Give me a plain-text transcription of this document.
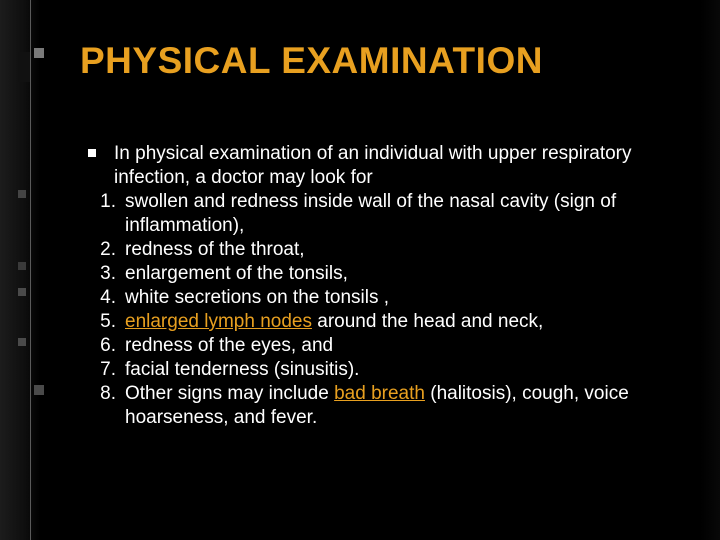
PHYSICAL EXAMINATION
In physical examination of an individual with upper respiratory infection, a doctor may look for
1. swollen and redness inside wall of the nasal cavity (sign of inflammation),
2. redness of the throat,
3. enlargement of the tonsils,
4. white secretions on the tonsils ,
5. enlarged lymph nodes around the head and neck,
6. redness of the eyes, and
7. facial tenderness (sinusitis).
8. Other signs may include bad breath (halitosis), cough, voice hoarseness, and fever.
